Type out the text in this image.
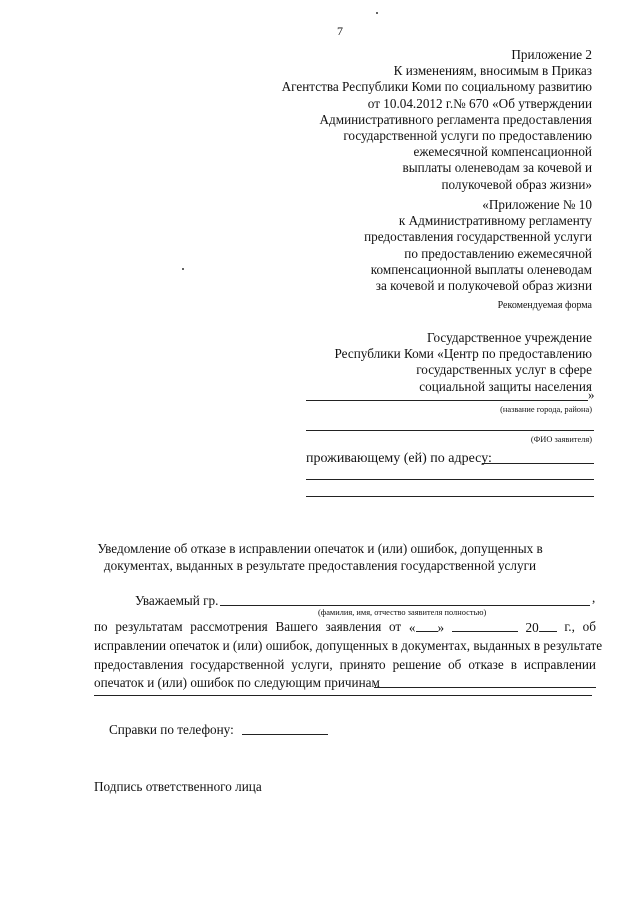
7
Приложение 2
К изменениям, вносимым в Приказ
Агентства Республики Коми по социальному развитию
от 10.04.2012 г.№ 670 «Об утверждении
Административного регламента предоставления
государственной услуги по предоставлению
ежемесячной компенсационной
выплаты оленеводам за кочевой и
полукочевой образ жизни»
«Приложение № 10
к Административному регламенту
предоставления государственной услуги
по предоставлению ежемесячной
компенсационной выплаты оленеводам
за кочевой и полукочевой образ жизни
Рекомендуемая форма
Государственное учреждение
Республики Коми «Центр по предоставлению
государственных услуг в сфере
социальной защиты населения
»
(название города, района)
(ФИО заявителя)
проживающему (ей) по адресу:
Уведомление об отказе в исправлении опечаток и (или) ошибок, допущенных в
документах, выданных в результате предоставления государственной услуги
Уважаемый гр.	,
(фамилия, имя, отчество заявителя полностью)
по результатам рассмотрения Вашего заявления от « »	20	г., об
исправлении опечаток и (или) ошибок, допущенных в документах, выданных в результате
предоставления государственной услуги, принято решение об отказе в исправлении
опечаток и (или) ошибок по следующим причинам
Справки по телефону:
Подпись ответственного лица
